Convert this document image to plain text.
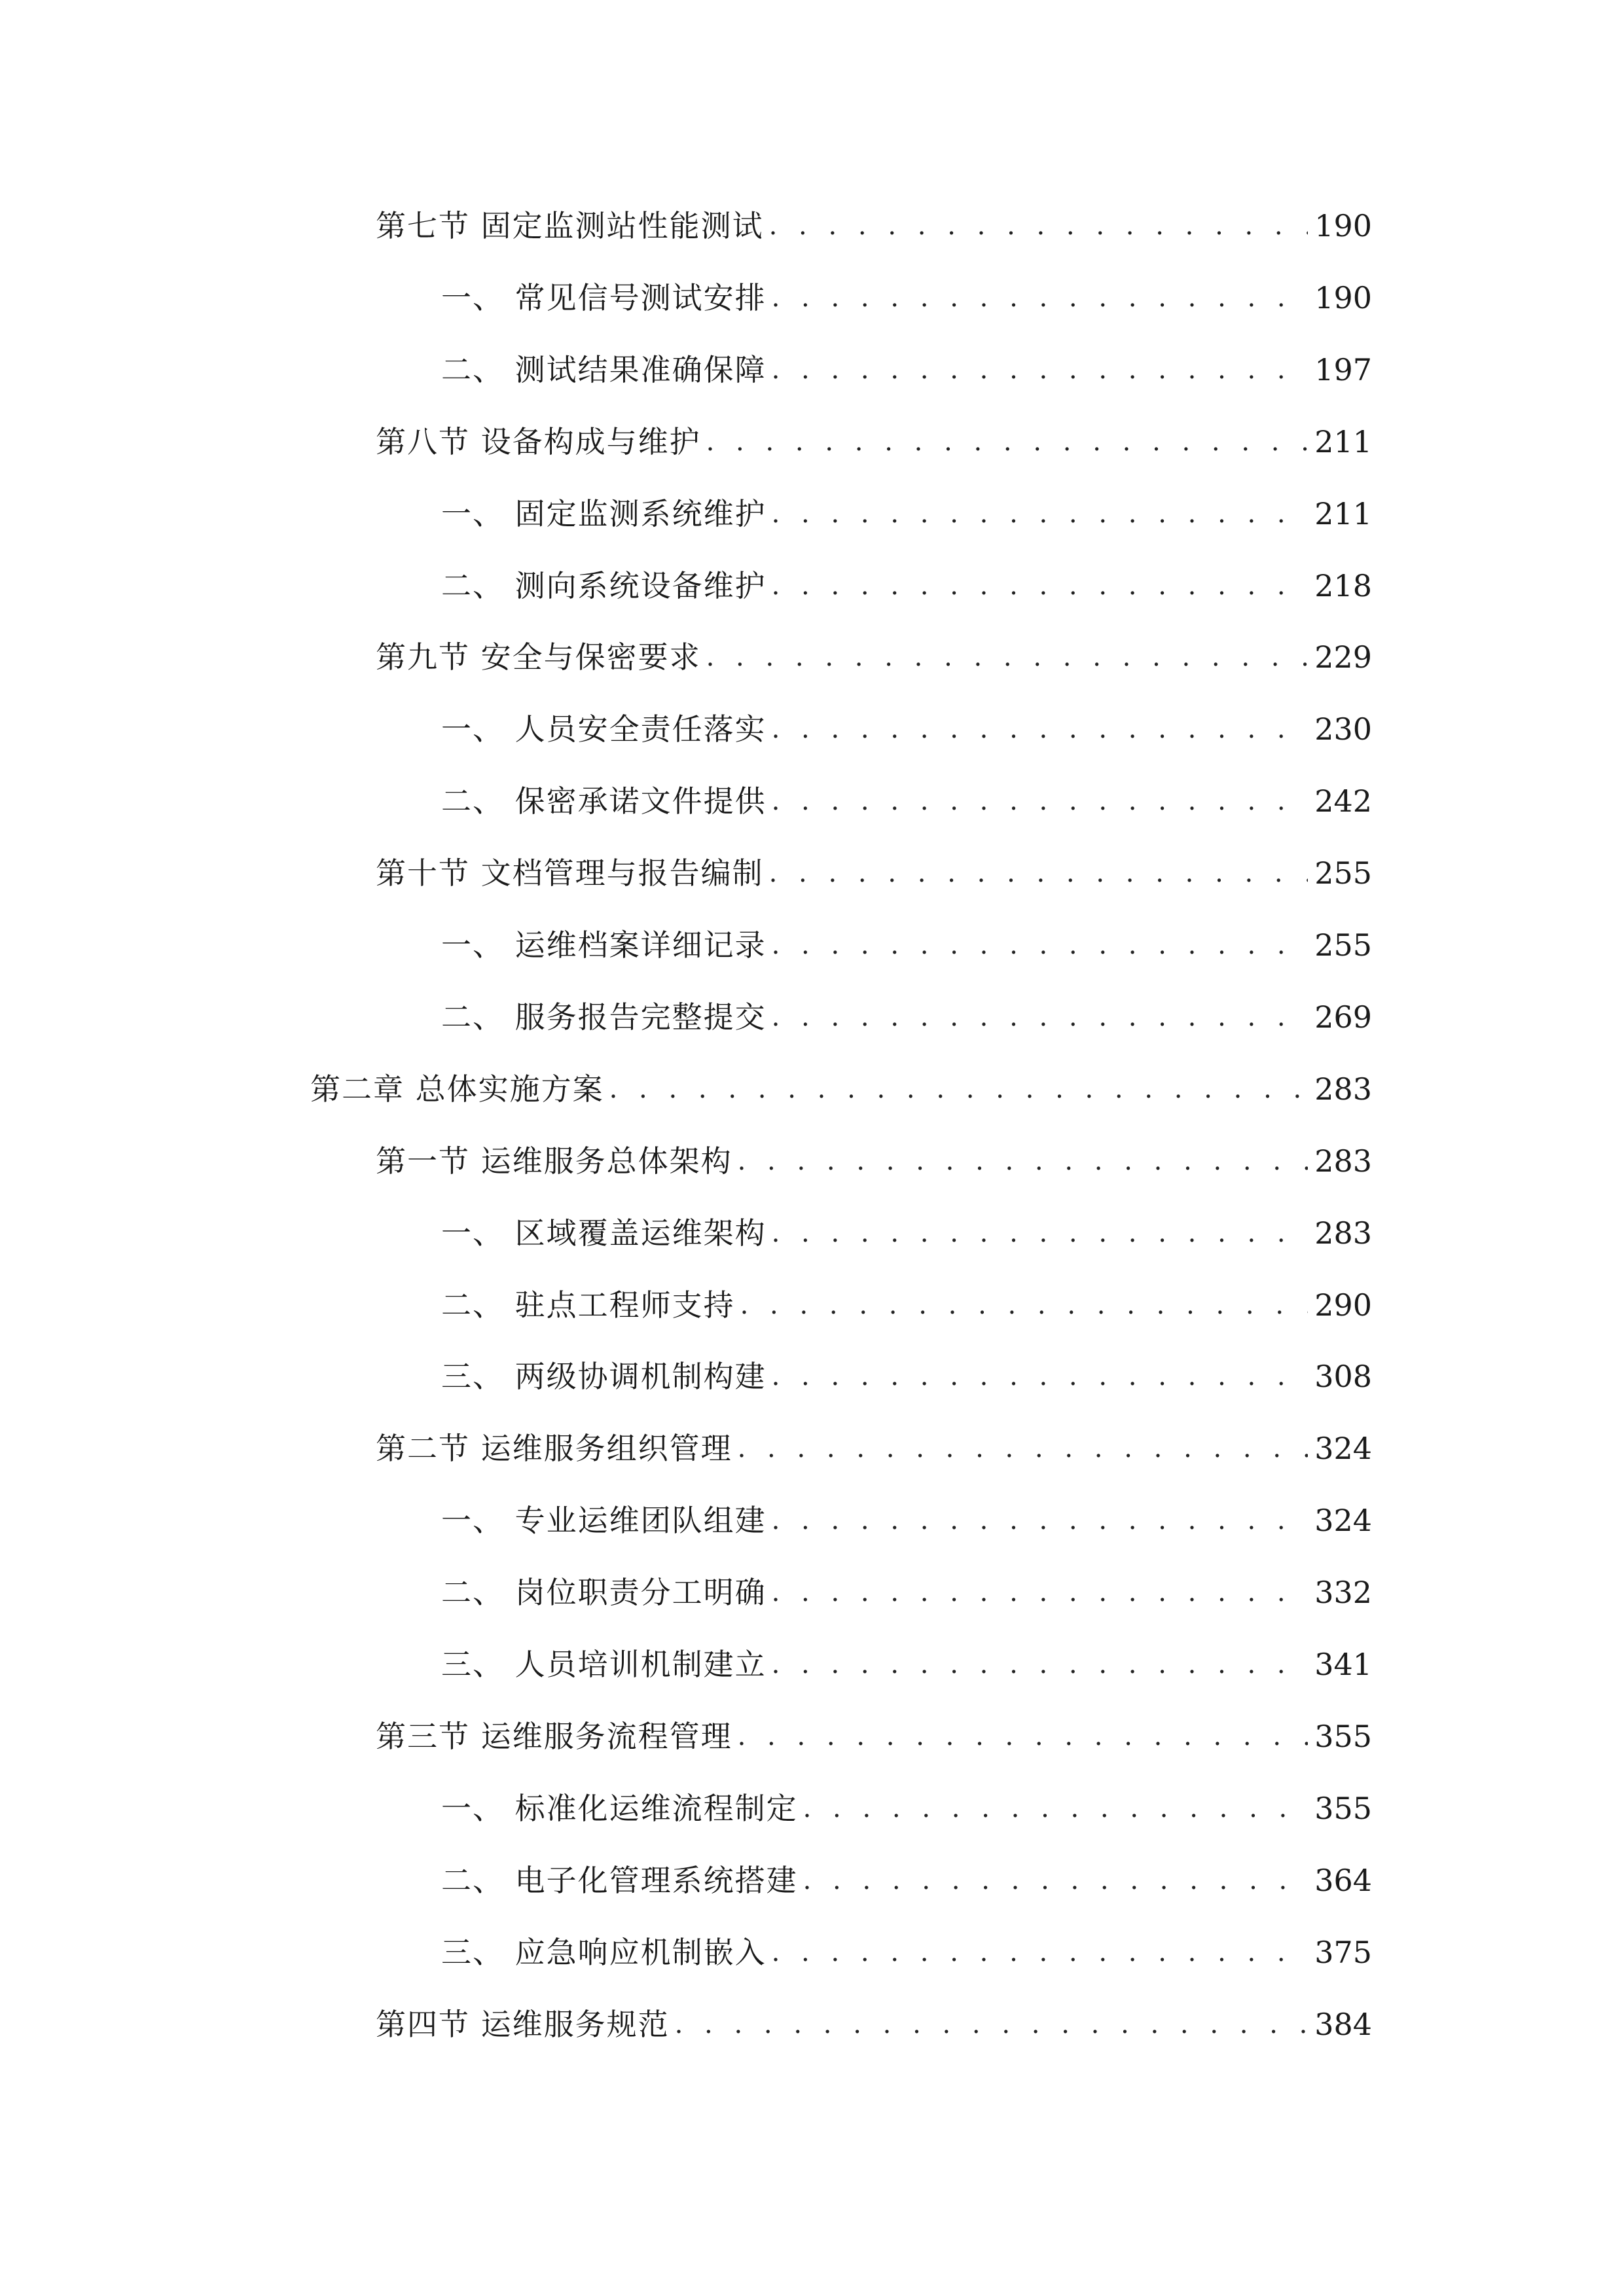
第七节 固定监测站性能测试 . . .	190
一、 常见信号测试安排 . . .	190
二、 测试结果准确保障 . . .	197
第八节 设备构成与维护 . . .	211
一、 固定监测系统维护 . . .	211
二、 测向系统设备维护 . . .	218
第九节 安全与保密要求 . . .	229
一、 人员安全责任落实 . . .	230
二、 保密承诺文件提供 . . .	242
第十节 文档管理与报告编制 . . .	255
一、 运维档案详细记录 . . .	255
二、 服务报告完整提交 . . .	269
第二章 总体实施方案 . . .	283
第一节 运维服务总体架构 . . .	283
一、 区域覆盖运维架构 . . .	283
二、 驻点工程师支持 . . .	290
三、 两级协调机制构建 . . .	308
第二节 运维服务组织管理 . . .	324
一、 专业运维团队组建 . . .	324
二、 岗位职责分工明确 . . .	332
三、 人员培训机制建立 . . .	341
第三节 运维服务流程管理 . . .	355
一、 标准化运维流程制定 . . .	355
二、 电子化管理系统搭建 . . .	364
三、 应急响应机制嵌入 . . .	375
第四节 运维服务规范 . . .	384
